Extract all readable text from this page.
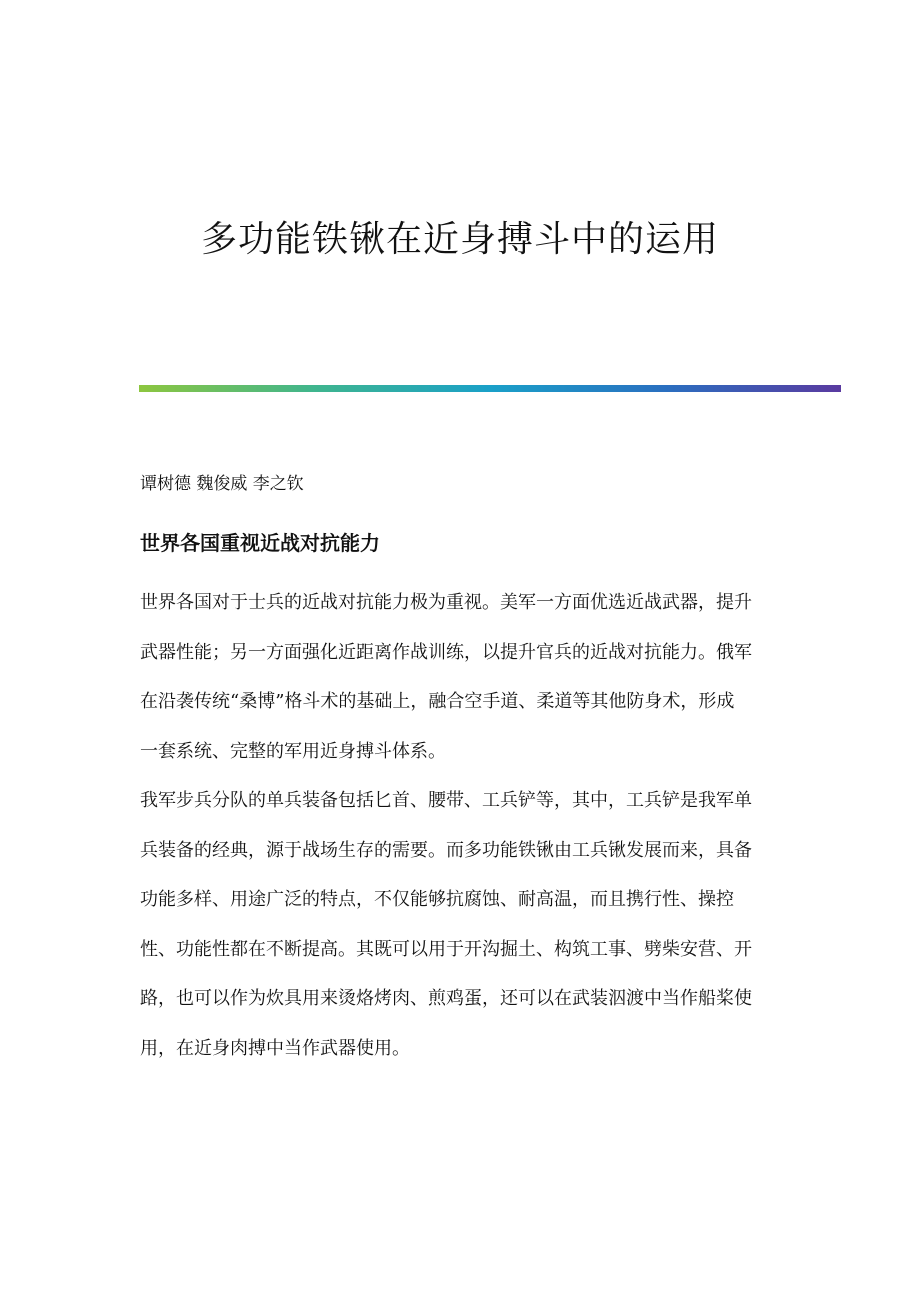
多功能铁锹在近身搏斗中的运用

谭树德 魏俊威 李之钦

世界各国重视近战对抗能力
世界各国对于士兵的近战对抗能力极为重视。美军一方面优选近战武器，提升
武器性能；另一方面强化近距离作战训练，以提升官兵的近战对抗能力。俄军
在沿袭传统“桑博”格斗术的基础上，融合空手道、柔道等其他防身术，形成
一套系统、完整的军用近身搏斗体系。
我军步兵分队的单兵装备包括匕首、腰带、工兵铲等，其中，工兵铲是我军单
兵装备的经典，源于战场生存的需要。而多功能铁锹由工兵锹发展而来，具备
功能多样、用途广泛的特点，不仅能够抗腐蚀、耐高温，而且携行性、操控
性、功能性都在不断提高。其既可以用于开沟掘土、构筑工事、劈柴安营、开
路，也可以作为炊具用来烫烙烤肉、煎鸡蛋，还可以在武装泅渡中当作船桨使
用，在近身肉搏中当作武器使用。
